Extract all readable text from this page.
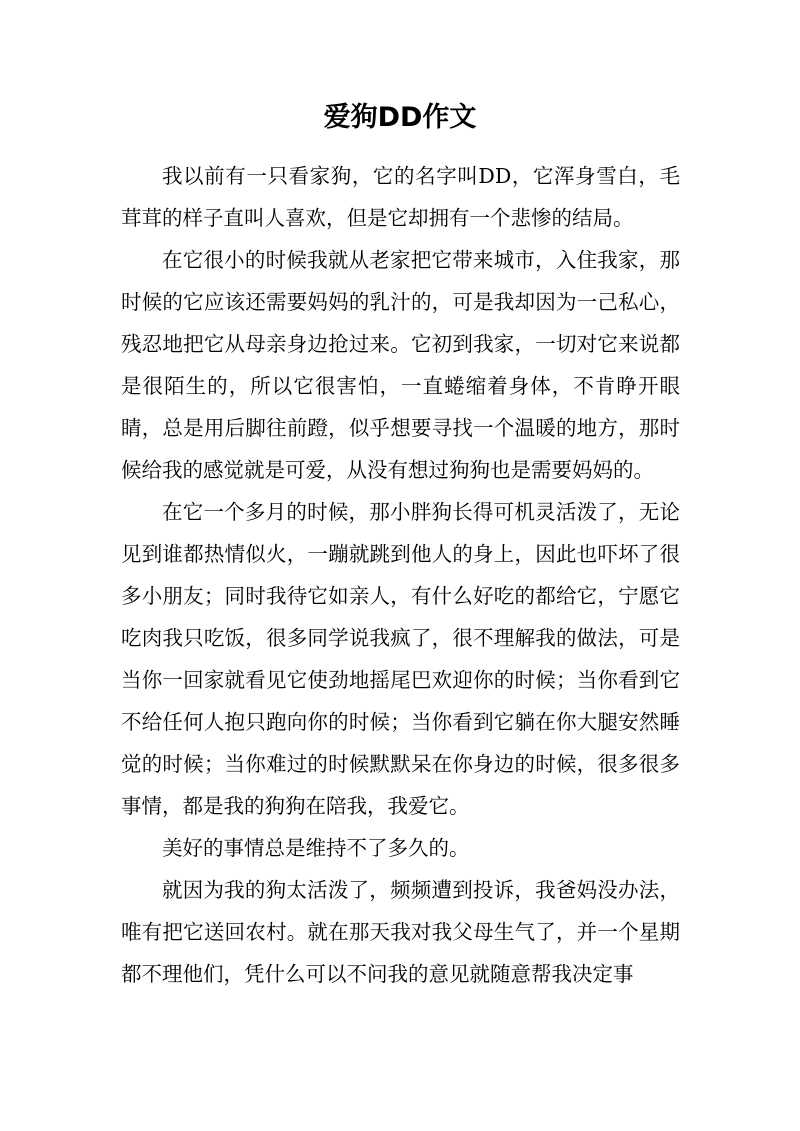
爱狗DD作文

我以前有一只看家狗，它的名字叫DD，它浑身雪白，毛茸茸的样子直叫人喜欢，但是它却拥有一个悲惨的结局。

在它很小的时候我就从老家把它带来城市，入住我家，那时候的它应该还需要妈妈的乳汁的，可是我却因为一己私心，残忍地把它从母亲身边抢过来。它初到我家，一切对它来说都是很陌生的，所以它很害怕，一直蜷缩着身体，不肯睁开眼睛，总是用后脚往前蹬，似乎想要寻找一个温暖的地方，那时候给我的感觉就是可爱，从没有想过狗狗也是需要妈妈的。

在它一个多月的时候，那小胖狗长得可机灵活泼了，无论见到谁都热情似火，一蹦就跳到他人的身上，因此也吓坏了很多小朋友；同时我待它如亲人，有什么好吃的都给它，宁愿它吃肉我只吃饭，很多同学说我疯了，很不理解我的做法，可是当你一回家就看见它使劲地摇尾巴欢迎你的时候；当你看到它不给任何人抱只跑向你的时候；当你看到它躺在你大腿安然睡觉的时候；当你难过的时候默默呆在你身边的时候，很多很多事情，都是我的狗狗在陪我，我爱它。

美好的事情总是维持不了多久的。

就因为我的狗太活泼了，频频遭到投诉，我爸妈没办法，唯有把它送回农村。就在那天我对我父母生气了，并一个星期都不理他们，凭什么可以不问我的意见就随意帮我决定事
